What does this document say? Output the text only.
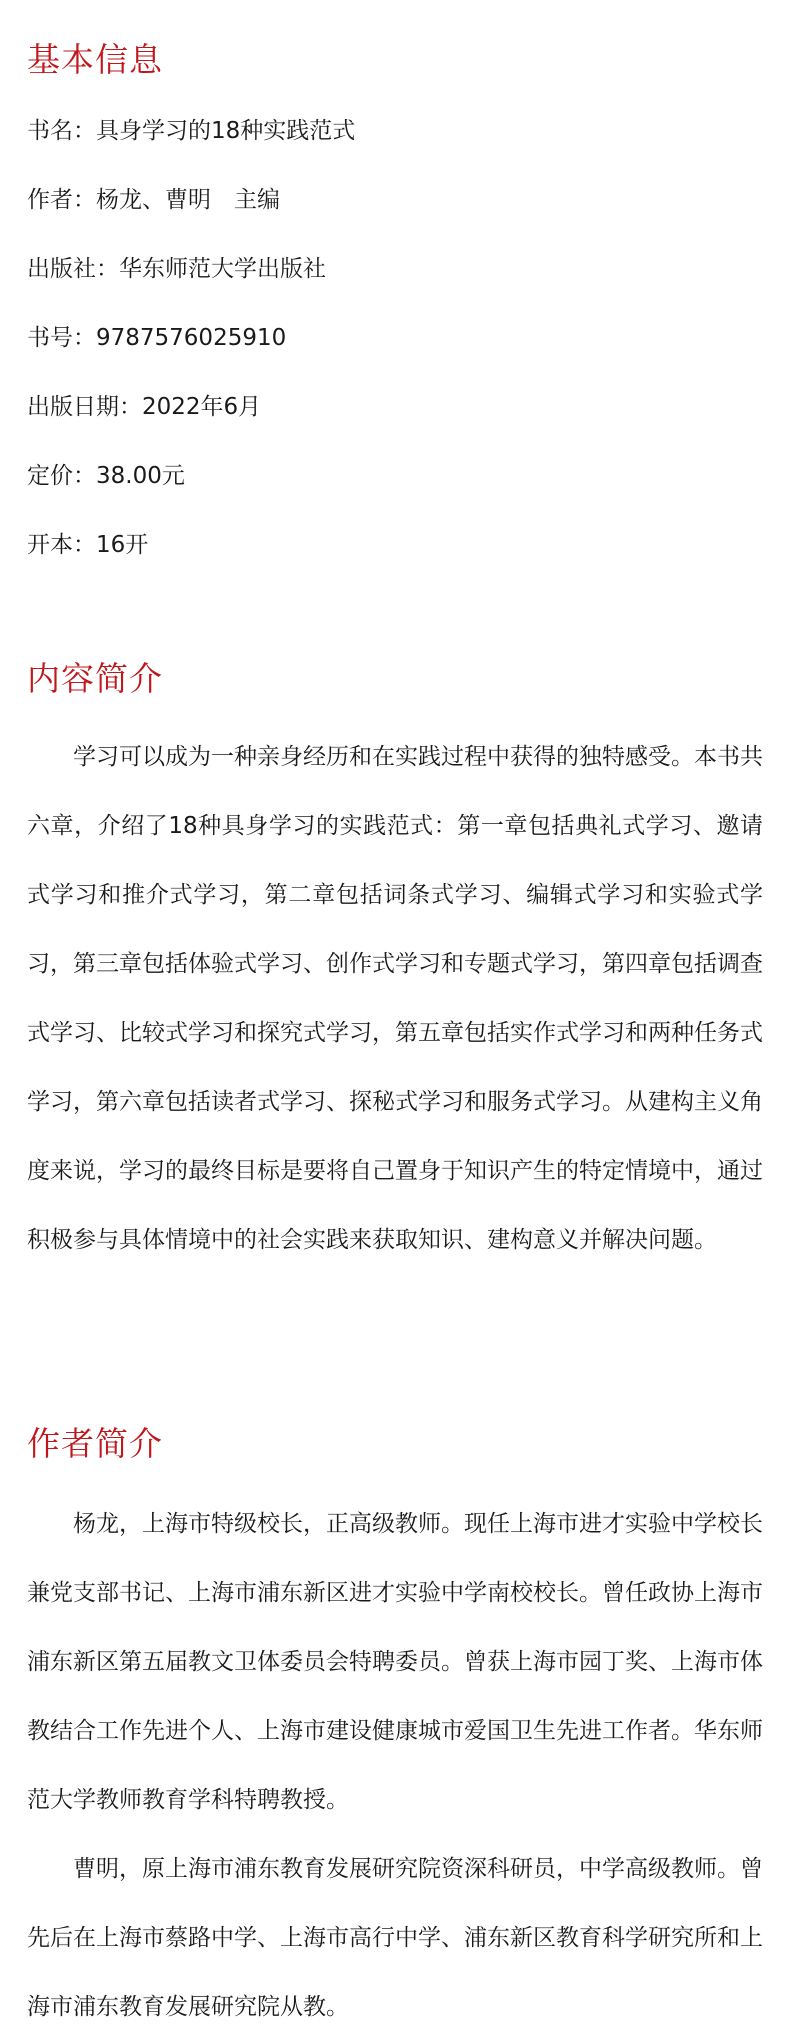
基本信息
书名：具身学习的18种实践范式
作者：杨龙、曹明　主编
出版社：华东师范大学出版社
书号：9787576025910
出版日期：2022年6月
定价：38.00元
开本：16开
内容简介

学习可以成为一种亲身经历和在实践过程中获得的独特感受。本书共六章，介绍了18种具身学习的实践范式：第一章包括典礼式学习、邀请式学习和推介式学习，第二章包括词条式学习、编辑式学习和实验式学习，第三章包括体验式学习、创作式学习和专题式学习，第四章包括调查式学习、比较式学习和探究式学习，第五章包括实作式学习和两种任务式学习，第六章包括读者式学习、探秘式学习和服务式学习。从建构主义角度来说，学习的最终目标是要将自己置身于知识产生的特定情境中，通过积极参与具体情境中的社会实践来获取知识、建构意义并解决问题。

作者简介

杨龙，上海市特级校长，正高级教师。现任上海市进才实验中学校长兼党支部书记、上海市浦东新区进才实验中学南校校长。曾任政协上海市浦东新区第五届教文卫体委员会特聘委员。曾获上海市园丁奖、上海市体教结合工作先进个人、上海市建设健康城市爱国卫生先进工作者。华东师范大学教师教育学科特聘教授。

曹明，原上海市浦东教育发展研究院资深科研员，中学高级教师。曾先后在上海市蔡路中学、上海市高行中学、浦东新区教育科学研究所和上海市浦东教育发展研究院从教。
